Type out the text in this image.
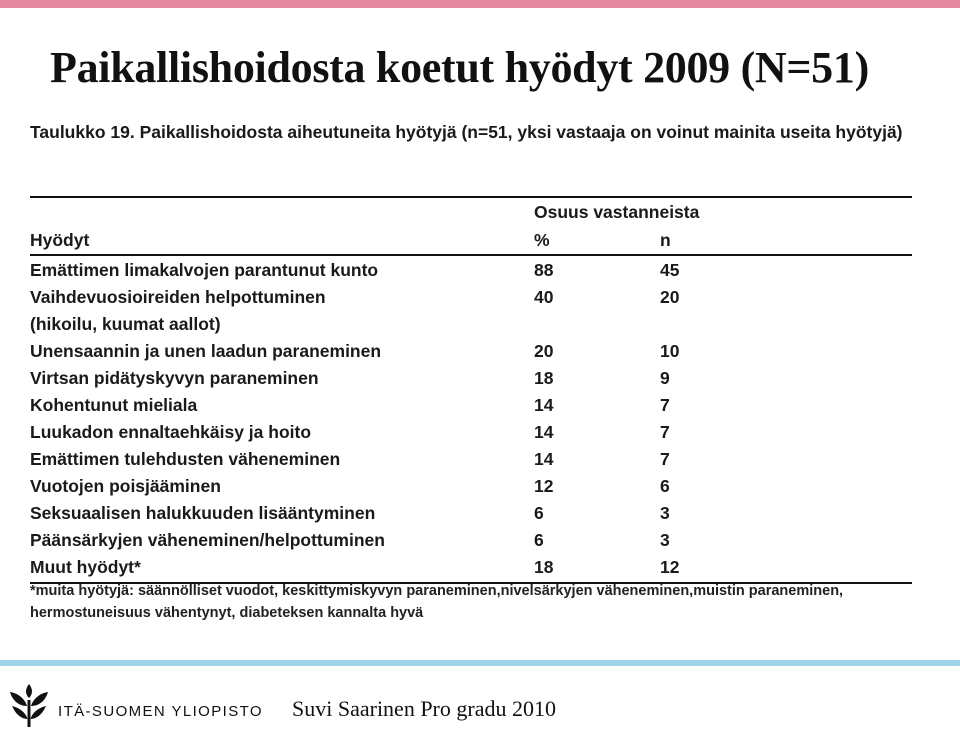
Paikallishoidosta koetut hyödyt 2009 (N=51)
Taulukko 19. Paikallishoidosta aiheutuneita hyötyjä (n=51, yksi vastaaja on voinut mainita useita hyötyjä)
Osuus vastanneista
Hyödyt	%	n
Emättimen limakalvojen parantunut kunto	88	45
Vaihdevuosioireiden helpottuminen
(hikoilu, kuumat aallot)
40	20
Unensaannin ja unen laadun paraneminen	20	10
Virtsan pidätyskyvyn paraneminen	18	9
Kohentunut mieliala	14	7
Luukadon ennaltaehkäisy ja hoito	14	7
Emättimen tulehdusten väheneminen	14	7
Vuotojen poisjääminen	12	6
Seksuaalisen halukkuuden lisääntyminen	6	3
Päänsärkyjen väheneminen/helpottuminen	6	3
Muut hyödyt*	18	12
*muita hyötyjä: säännölliset vuodot, keskittymiskyvyn paraneminen,nivelsärkyjen väheneminen,muistin paraneminen, hermostuneisuus vähentynyt, diabeteksen kannalta hyvä
ITÄ-SUOMEN YLIOPISTO Suvi Saarinen Pro gradu 2010
